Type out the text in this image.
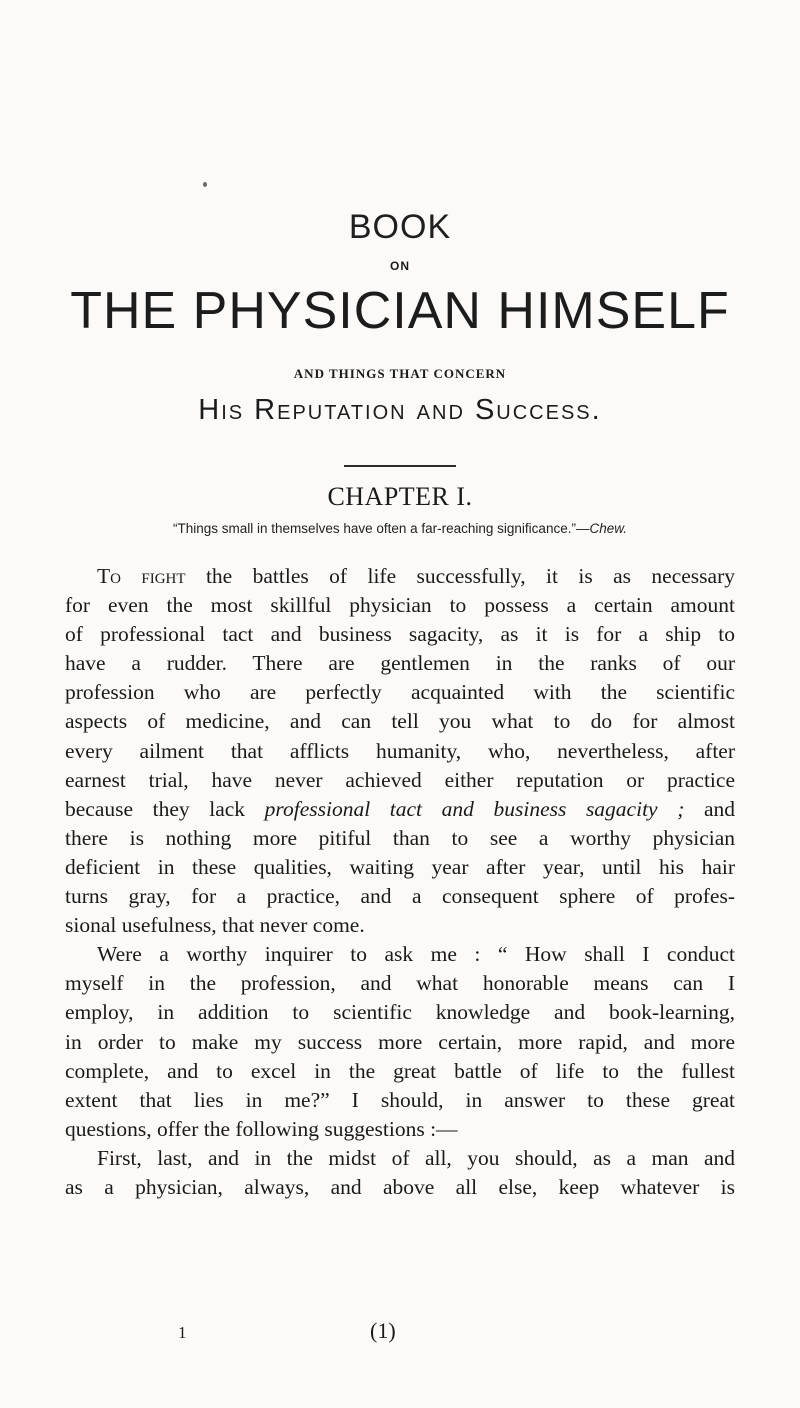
BOOK
ON
THE PHYSICIAN HIMSELF
AND THINGS THAT CONCERN
His Reputation and Success.
CHAPTER I.
“Things small in themselves have often a far-reaching significance.”—Chew.
To fight the battles of life successfully, it is as necessary
for even the most skillful physician to possess a certain amount
of professional tact and business sagacity, as it is for a ship to
have a rudder. There are gentlemen in the ranks of our
profession who are perfectly acquainted with the scientific
aspects of medicine, and can tell you what to do for almost
every ailment that afflicts humanity, who, nevertheless, after
earnest trial, have never achieved either reputation or practice
because they lack professional tact and business sagacity ; and
there is nothing more pitiful than to see a worthy physician
deficient in these qualities, waiting year after year, until his hair
turns gray, for a practice, and a consequent sphere of profes-
sional usefulness, that never come.
Were a worthy inquirer to ask me : “ How shall I conduct
myself in the profession, and what honorable means can I
employ, in addition to scientific knowledge and book-learning,
in order to make my success more certain, more rapid, and more
complete, and to excel in the great battle of life to the fullest
extent that lies in me?” I should, in answer to these great
questions, offer the following suggestions :—
First, last, and in the midst of all, you should, as a man and
as a physician, always, and above all else, keep whatever is
1	(1)
